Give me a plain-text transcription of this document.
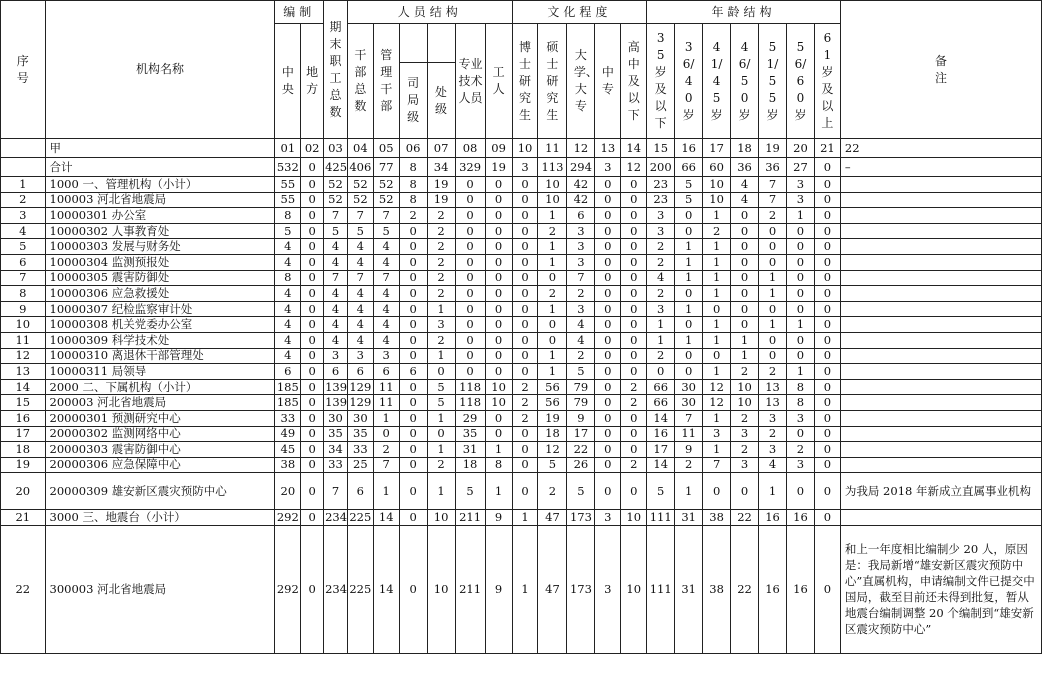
序号	机构名称	编制		期末职工总数	人员结构						文化程度					年龄结构							备注
		中央	地方		干部总数	管理干部			专业技术人员	工人	博士研究生	硕士研究生	大学、大专	中专	高中及以下	35岁及以下	36/40岁	41/45岁	46/50岁	51/55岁	56/60岁	61岁及以上	
							司局级	处级															
	甲	01	02	03	04	05	06	07	08	09	10	11	12	13	14	15	16	17	18	19	20	21	22
	合计	532	0	425	406	77	8	34	329	19	3	113	294	3	12	200	66	60	36	36	27	0	–
1	1000 一、管理机构（小计）	55	0	52	52	52	8	19	0	0	0	10	42	0	0	23	5	10	4	7	3	0	
2	100003 河北省地震局	55	0	52	52	52	8	19	0	0	0	10	42	0	0	23	5	10	4	7	3	0	
3	10000301 办公室	8	0	7	7	7	2	2	0	0	0	1	6	0	0	3	0	1	0	2	1	0	
4	10000302 人事教育处	5	0	5	5	5	0	2	0	0	0	2	3	0	0	3	0	2	0	0	0	0	
5	10000303 发展与财务处	4	0	4	4	4	0	2	0	0	0	1	3	0	0	2	1	1	0	0	0	0	
6	10000304 监测预报处	4	0	4	4	4	0	2	0	0	0	1	3	0	0	2	1	1	0	0	0	0	
7	10000305 震害防御处	8	0	7	7	7	0	2	0	0	0	0	7	0	0	4	1	1	0	1	0	0	
8	10000306 应急救援处	4	0	4	4	4	0	2	0	0	0	2	2	0	0	2	0	1	0	1	0	0	
9	10000307 纪检监察审计处	4	0	4	4	4	0	1	0	0	0	1	3	0	0	3	1	0	0	0	0	0	
10	10000308 机关党委办公室	4	0	4	4	4	0	3	0	0	0	0	4	0	0	1	0	1	0	1	1	0	
11	10000309 科学技术处	4	0	4	4	4	0	2	0	0	0	0	4	0	0	1	1	1	1	0	0	0	
12	10000310 离退休干部管理处	4	0	3	3	3	0	1	0	0	0	1	2	0	0	2	0	0	1	0	0	0	
13	10000311 局领导	6	0	6	6	6	6	0	0	0	0	1	5	0	0	0	0	1	2	2	1	0	
14	2000 二、下属机构（小计）	185	0	139	129	11	0	5	118	10	2	56	79	0	2	66	30	12	10	13	8	0	
15	200003 河北省地震局	185	0	139	129	11	0	5	118	10	2	56	79	0	2	66	30	12	10	13	8	0	
16	20000301 预测研究中心	33	0	30	30	1	0	1	29	0	2	19	9	0	0	14	7	1	2	3	3	0	
17	20000302 监测网络中心	49	0	35	35	0	0	0	35	0	0	18	17	0	0	16	11	3	3	2	0	0	
18	20000303 震害防御中心	45	0	34	33	2	0	1	31	1	0	12	22	0	0	17	9	1	2	3	2	0	
19	20000306 应急保障中心	38	0	33	25	7	0	2	18	8	0	5	26	0	2	14	2	7	3	4	3	0	
20	20000309 雄安新区震灾预防中心	20	0	7	6	1	0	1	5	1	0	2	5	0	0	5	1	0	0	1	0	0	为我局 2018 年新成立直属事业机构
21	3000 三、地震台（小计）	292	0	234	225	14	0	10	211	9	1	47	173	3	10	111	31	38	22	16	16	0	
22	300003 河北省地震局	292	0	234	225	14	0	10	211	9	1	47	173	3	10	111	31	38	22	16	16	0	和上一年度相比编制少 20 人，原因是：我局新增“雄安新区震灾预防中心”直属机构，申请编制文件已提交中国局，截至目前还未得到批复，暂从地震台编制调整 20 个编制到“雄安新区震灾预防中心”
